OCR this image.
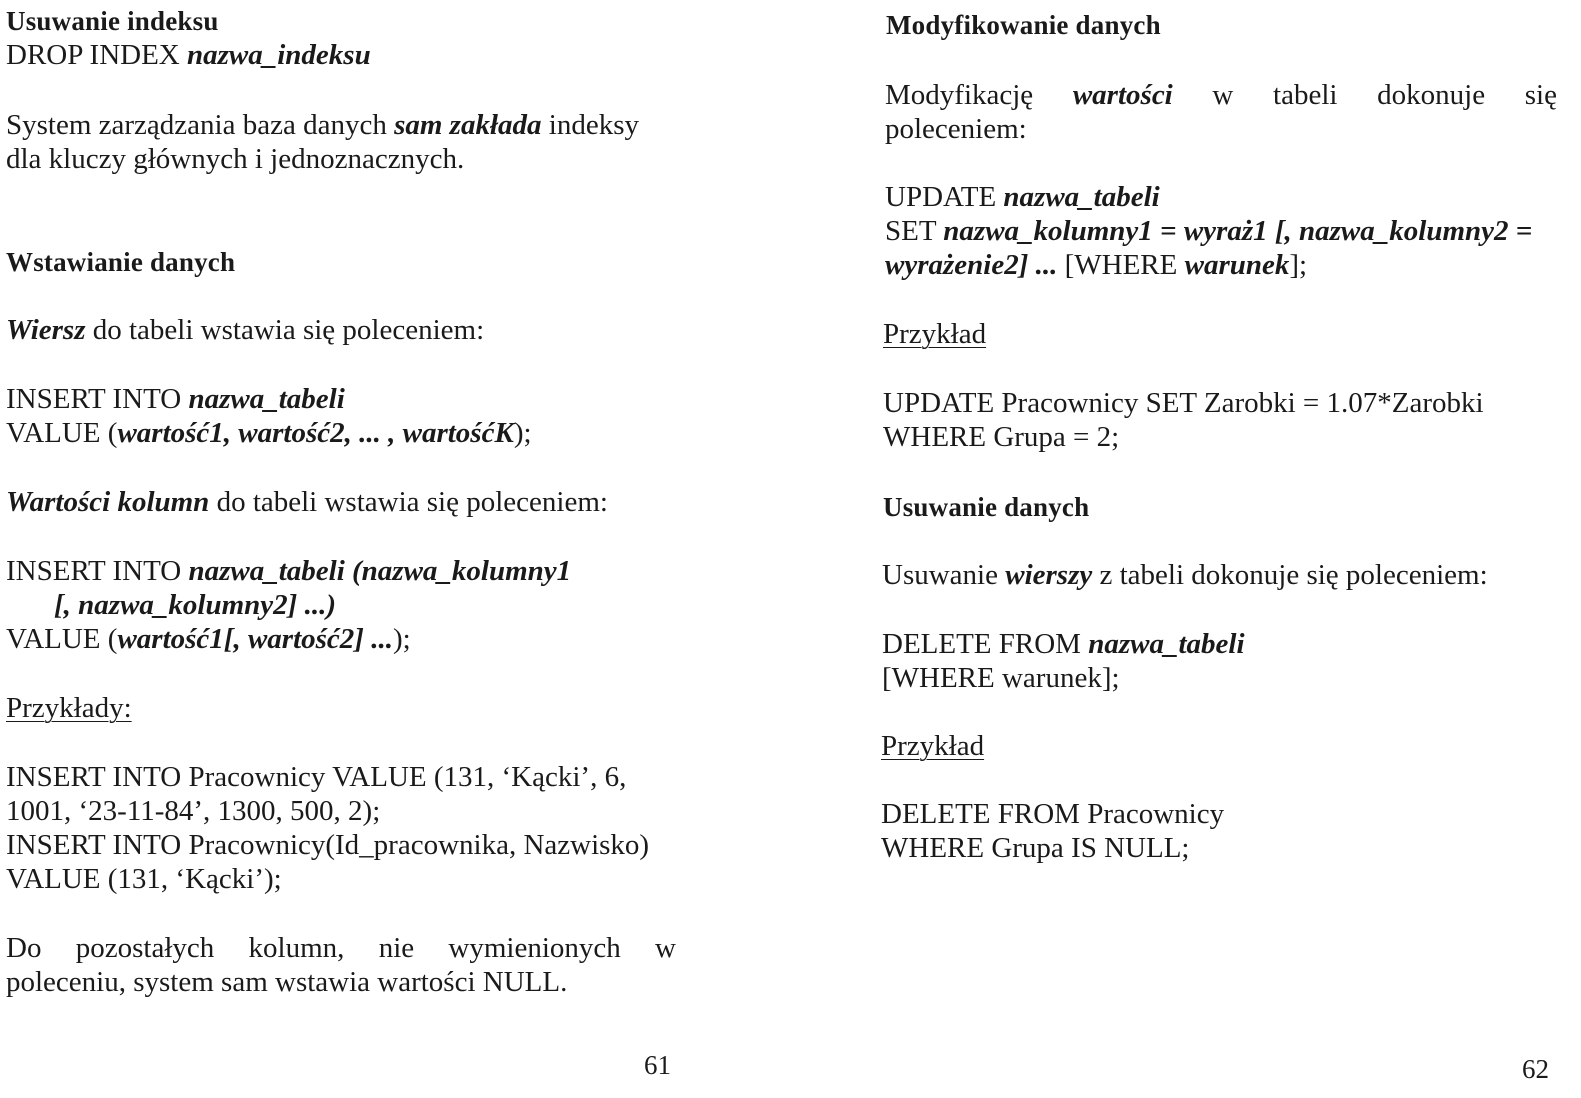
Usuwanie indeksu
DROP INDEX nazwa_indeksu
System zarządzania baza danych sam zakłada indeksy
dla kluczy głównych i jednoznacznych.
Wstawianie danych
Wiersz do tabeli wstawia się poleceniem:
INSERT INTO nazwa_tabeli
VALUE (wartość1, wartość2, ... , wartośćK);
Wartości kolumn do tabeli wstawia się poleceniem:
INSERT INTO nazwa_tabeli (nazwa_kolumny1
[, nazwa_kolumny2] ...)
VALUE (wartość1[, wartość2] ...);
Przykłady:
INSERT INTO Pracownicy VALUE (131, ‘Kącki’, 6,
1001, ‘23-11-84’, 1300, 500, 2);
INSERT INTO Pracownicy(Id_pracownika, Nazwisko)
VALUE (131, ‘Kącki’);
Do pozostałych kolumn, nie wymienionych w
poleceniu, system sam wstawia wartości NULL.
61
Modyfikowanie danych
Modyfikację wartości w tabeli dokonuje się
poleceniem:
UPDATE nazwa_tabeli
SET nazwa_kolumny1 = wyraż1 [, nazwa_kolumny2 =
wyrażenie2] ... [WHERE warunek];
Przykład
UPDATE Pracownicy SET Zarobki = 1.07*Zarobki
WHERE Grupa = 2;
Usuwanie danych
Usuwanie wierszy z tabeli dokonuje się poleceniem:
DELETE FROM nazwa_tabeli
[WHERE warunek];
Przykład
DELETE FROM Pracownicy
WHERE Grupa IS NULL;
62
